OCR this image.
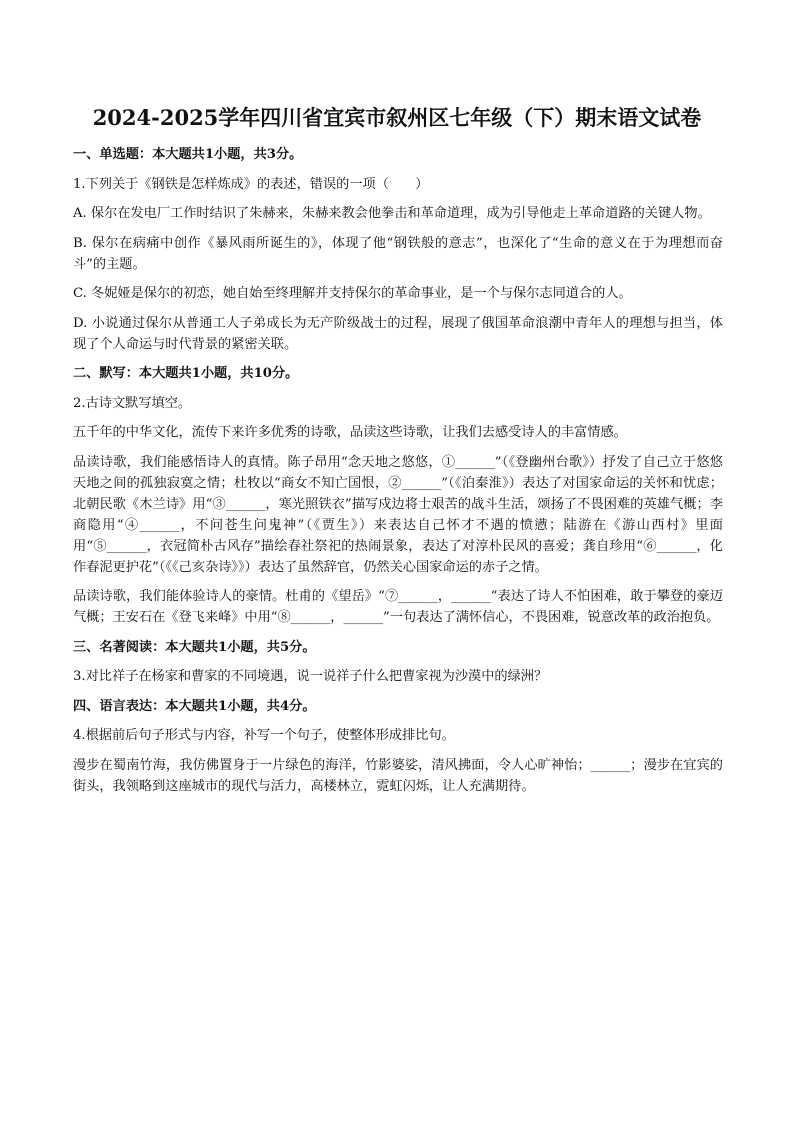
2024-2025学年四川省宜宾市叙州区七年级（下）期末语文试卷

一、单选题：本大题共1小题，共3分。

1.下列关于《钢铁是怎样炼成》的表述，错误的一项（　　）

A. 保尔在发电厂工作时结识了朱赫来，朱赫来教会他拳击和革命道理，成为引导他走上革命道路的关键人物。

B. 保尔在病痛中创作《暴风雨所诞生的》，体现了他“钢铁般的意志”，也深化了“生命的意义在于为理想而奋斗”的主题。

C. 冬妮娅是保尔的初恋，她自始至终理解并支持保尔的革命事业，是一个与保尔志同道合的人。

D. 小说通过保尔从普通工人子弟成长为无产阶级战士的过程，展现了俄国革命浪潮中青年人的理想与担当，体现了个人命运与时代背景的紧密关联。

二、默写：本大题共1小题，共10分。

2.古诗文默写填空。

五千年的中华文化，流传下来许多优秀的诗歌，品读这些诗歌，让我们去感受诗人的丰富情感。

品读诗歌，我们能感悟诗人的真情。陈子昂用“念天地之悠悠，①______”（《登幽州台歌》）抒发了自己立于悠悠天地之间的孤独寂寞之情；杜牧以“商女不知亡国恨，②______”（《泊秦淮》）表达了对国家命运的关怀和忧虑；北朝民歌《木兰诗》用“③______，寒光照铁衣”描写戍边将士艰苦的战斗生活，颂扬了不畏困难的英雄气概；李商隐用“④______，不问苍生问鬼神”（《贾生》）来表达自己怀才不遇的愤懑；陆游在《游山西村》里面用“⑤______，衣冠简朴古风存”描绘春社祭祀的热闹景象，表达了对淳朴民风的喜爱；龚自珍用“⑥______，化作春泥更护花”（《《己亥杂诗》》）表达了虽然辞官，仍然关心国家命运的赤子之情。

品读诗歌，我们能体验诗人的豪情。杜甫的《望岳》“⑦______，______”表达了诗人不怕困难，敢于攀登的豪迈气概；王安石在《登飞来峰》中用“⑧______，______”一句表达了满怀信心，不畏困难，锐意改革的政治抱负。

三、名著阅读：本大题共1小题，共5分。

3.对比祥子在杨家和曹家的不同境遇，说一说祥子什么把曹家视为沙漠中的绿洲？

四、语言表达：本大题共1小题，共4分。

4.根据前后句子形式与内容，补写一个句子，使整体形成排比句。

漫步在蜀南竹海，我仿佛置身于一片绿色的海洋，竹影婆娑，清风拂面，令人心旷神怡；______；漫步在宜宾的街头，我领略到这座城市的现代与活力，高楼林立，霓虹闪烁，让人充满期待。
